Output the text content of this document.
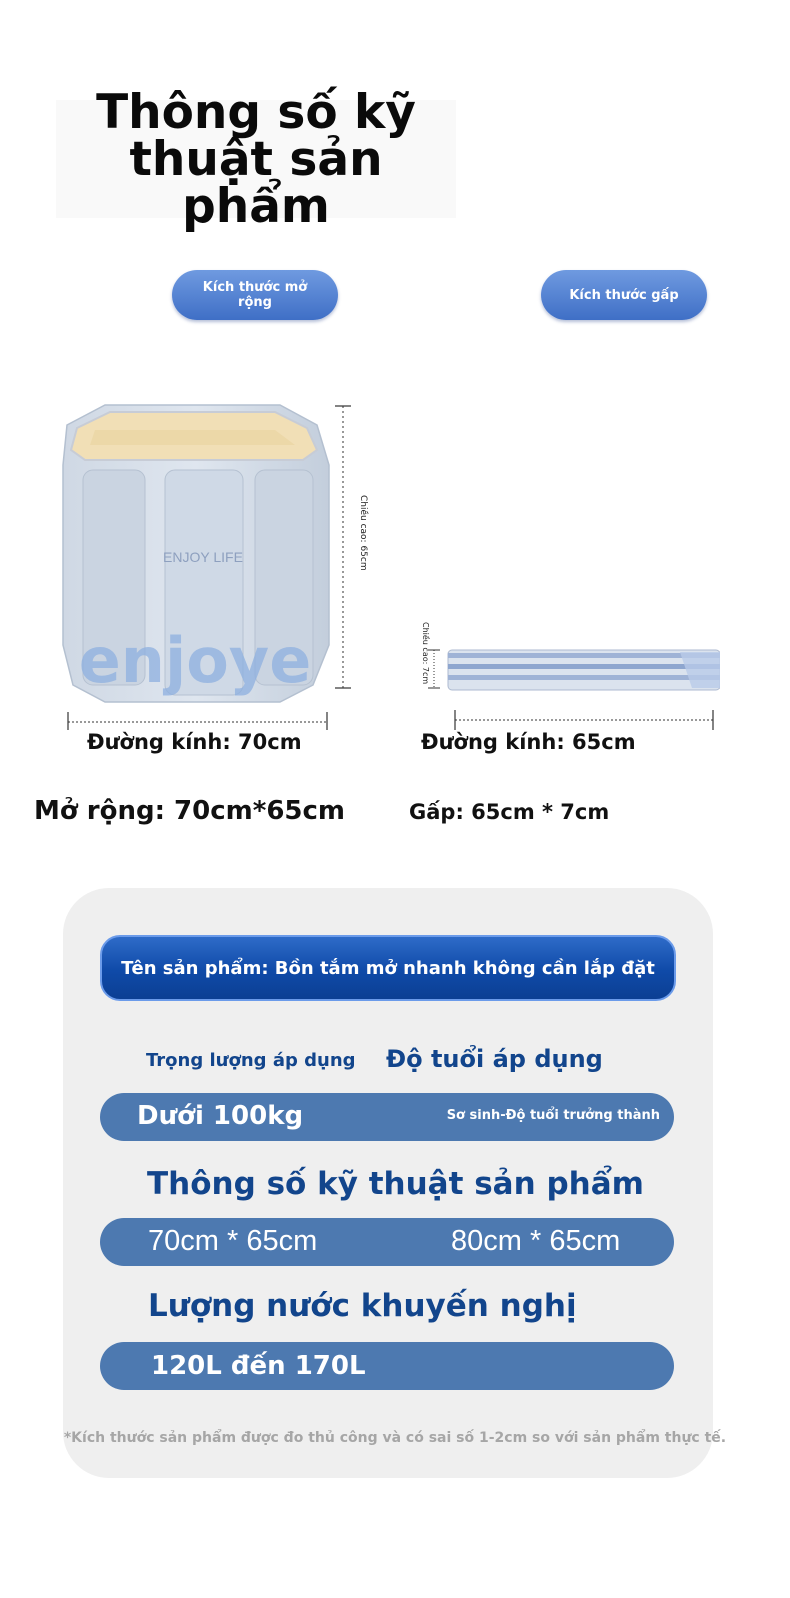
Thông số kỹ
thuật sản phẩm
Kích thước mở rộng	Kích thước gấp
ENJOY LIFE
enjoye
Chiều cao: 65cm
Chiều cao: 7cm
Đường kính: 70cm	Đường kính: 65cm
Mở rộng: 70cm*65cm	Gấp: 65cm * 7cm
Tên sản phẩm: Bồn tắm mở nhanh không cần lắp đặt
Trọng lượng áp dụng Độ tuổi áp dụng
Dưới 100kg	Sơ sinh-Độ tuổi trưởng thành
Thông số kỹ thuật sản phẩm
70cm * 65cm	80cm * 65cm
Lượng nước khuyến nghị
120L đến 170L
*Kích thước sản phẩm được đo thủ công và có sai số 1-2cm so với sản phẩm thực tế.
